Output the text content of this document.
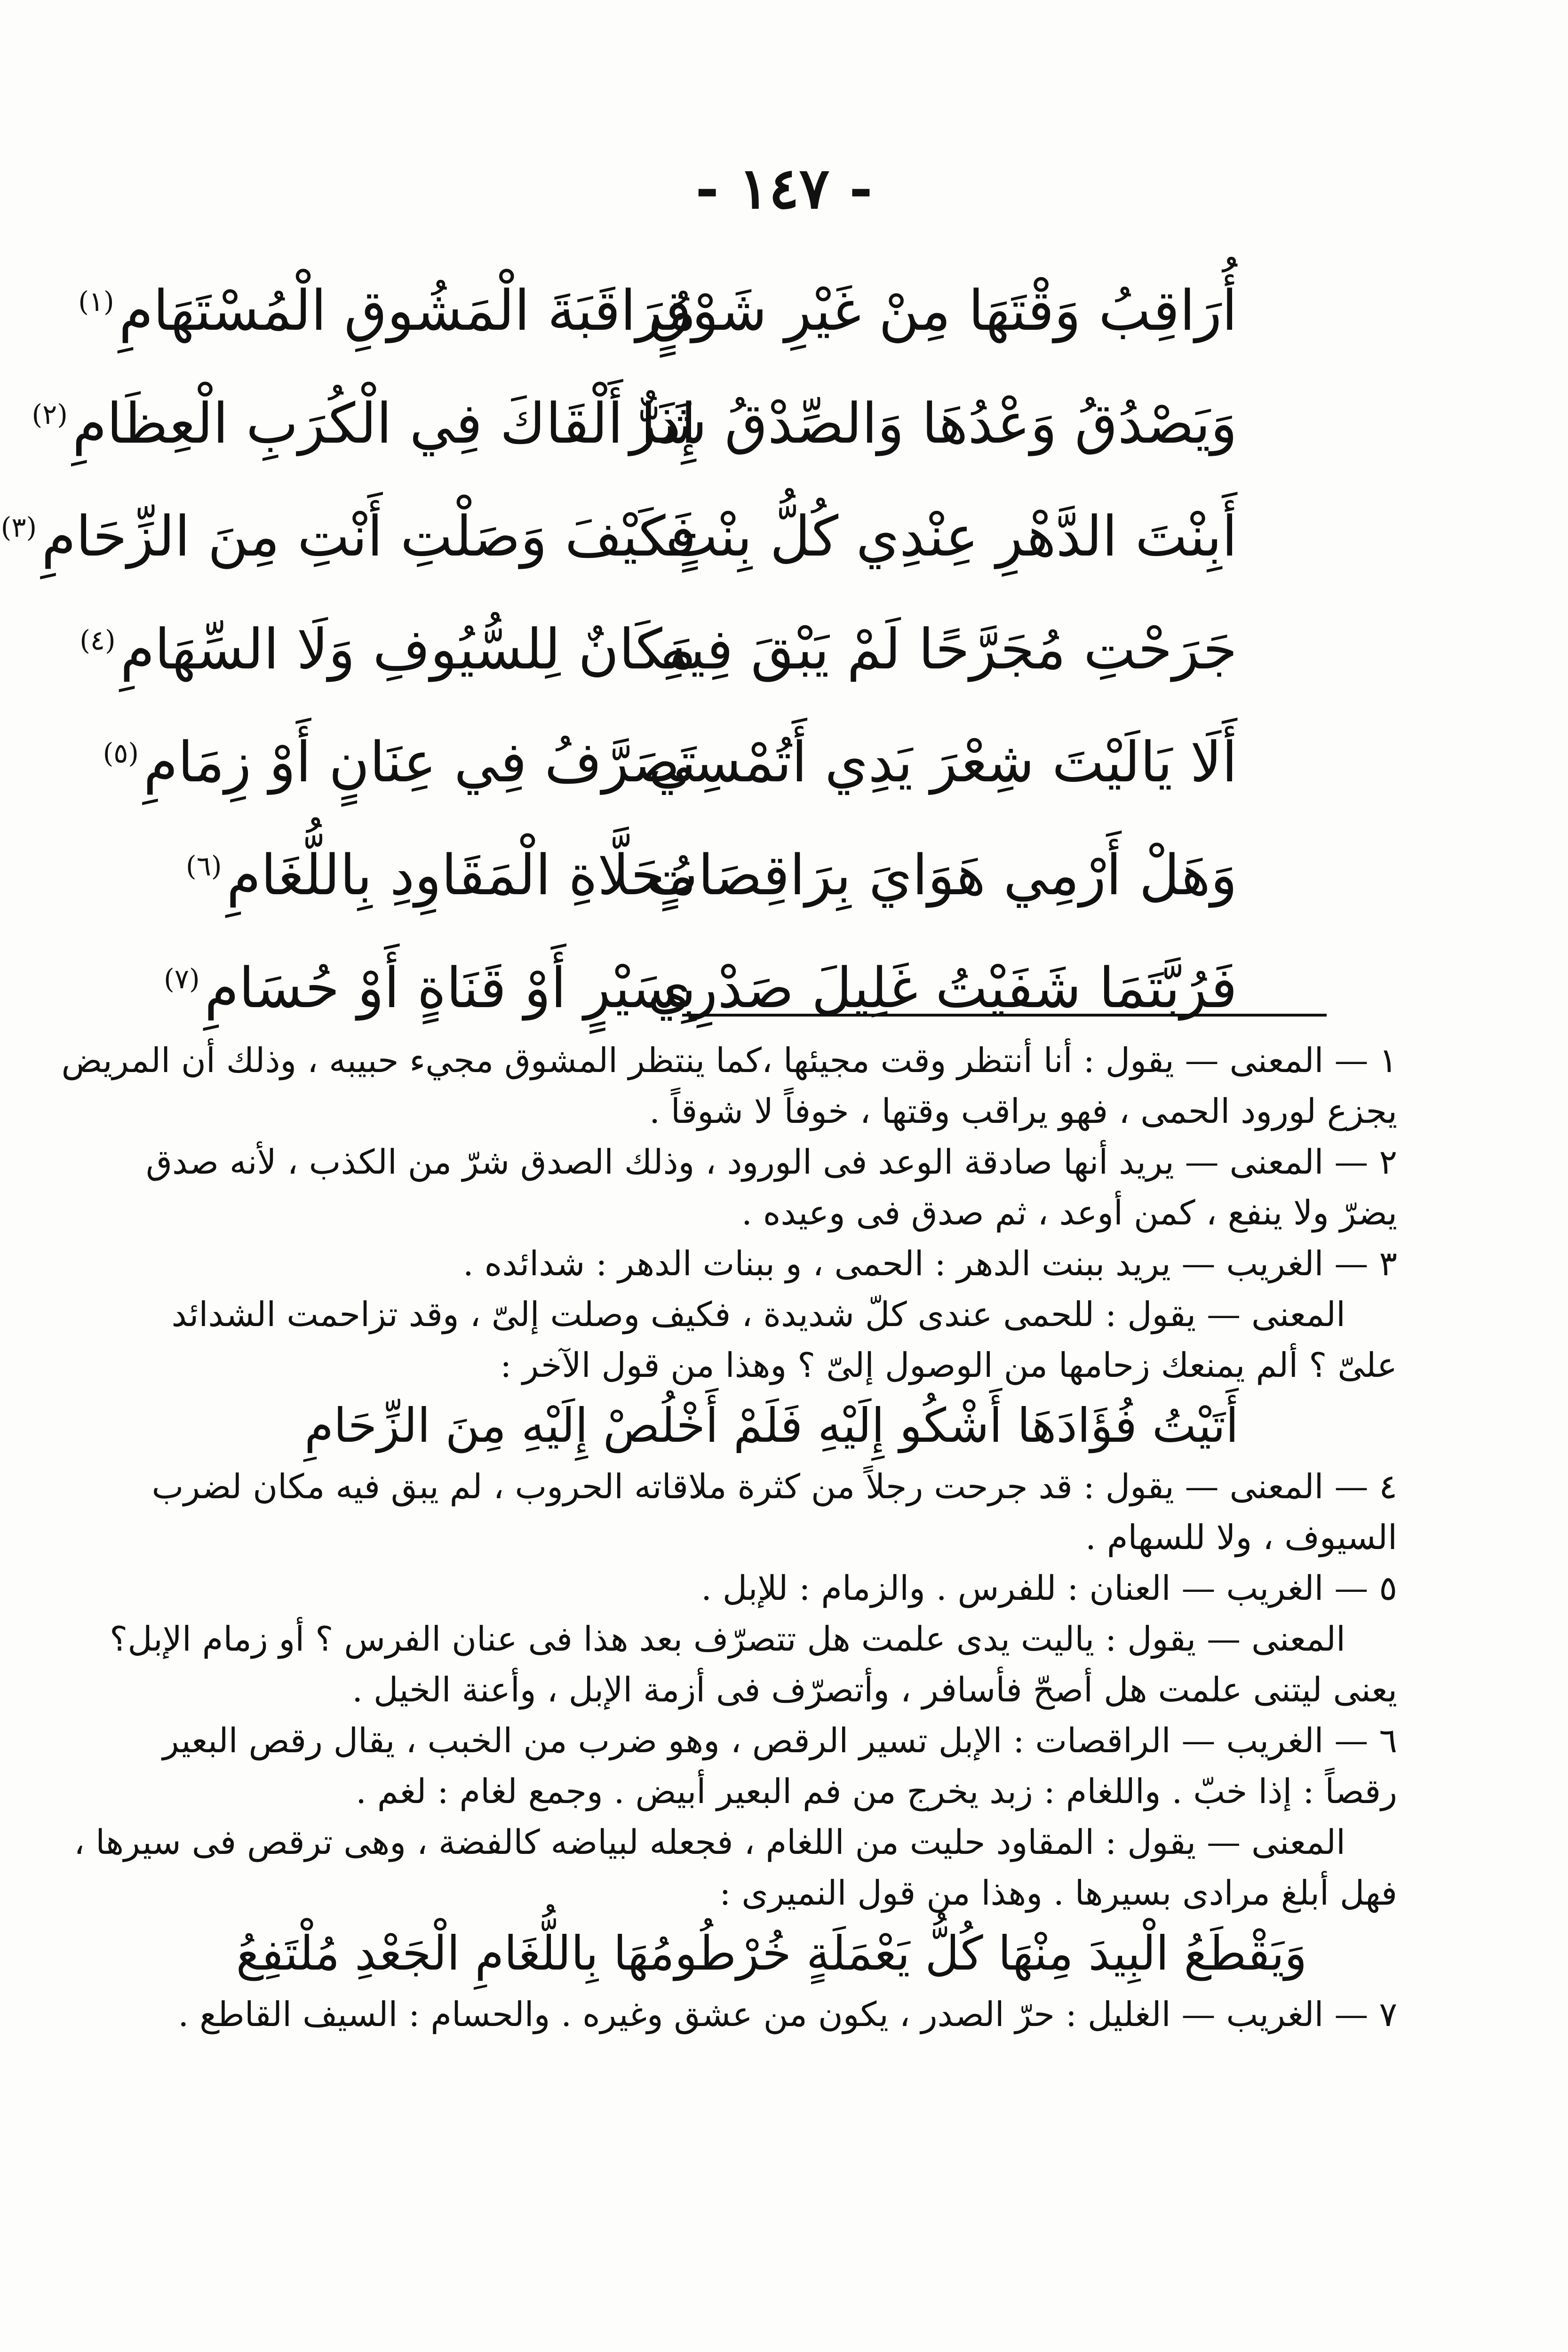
- ١٤٧ -
أُرَاقِبُ وَقْتَهَا مِنْ غَيْرِ شَوْقٍ
مُرَاقَبَةَ الْمَشُوقِ الْمُسْتَهَامِ$^{(١)}$
وَيَصْدُقُ وَعْدُهَا وَالصِّدْقُ شَرٌّ
إِذَا أَلْقَاكَ فِي الْكُرَبِ الْعِظَامِ$^{(٢)}$
أَبِنْتَ الدَّهْرِ عِنْدِي كُلُّ بِنْتٍ
فَكَيْفَ وَصَلْتِ أَنْتِ مِنَ الزِّحَامِ$^{(٣)}$
جَرَحْتِ مُجَرَّحًا لَمْ يَبْقَ فِيهِ
مَكَانٌ لِلسُّيُوفِ وَلَا السِّهَامِ$^{(٤)}$
أَلَا يَالَيْتَ شِعْرَ يَدِي أَتُمْسِي
تَصَرَّفُ فِي عِنَانٍ أَوْ زِمَامِ$^{(٥)}$
وَهَلْ أَرْمِي هَوَايَ بِرَاقِصَاتٍ
مُحَلَّاةِ الْمَقَاوِدِ بِاللُّغَامِ$^{(٦)}$
فَرُبَّتَمَا شَفَيْتُ غَلِيلَ صَدْرِي
بِسَيْرٍ أَوْ قَنَاةٍ أَوْ حُسَامِ$^{(٧)}$
١ — المعنى — يقول : أنا أنتظر وقت مجيئها ،كما ينتظر المشوق مجيء حبيبه ، وذلك أن المريض
يجزع لورود الحمى ، فهو يراقب وقتها ، خوفاً لا شوقاً .
٢ — المعنى — يريد أنها صادقة الوعد فى الورود ، وذلك الصدق شرّ من الكذب ، لأنه صدق
يضرّ ولا ينفع ، كمن أوعد ، ثم صدق فى وعيده .
٣ — الغريب — يريد ببنت الدهر : الحمى ، و ببنات الدهر : شدائده .
المعنى — يقول : للحمى عندى كلّ شديدة ، فكيف وصلت إلىّ ، وقد تزاحمت الشدائد
علىّ ؟ ألم يمنعك زحامها من الوصول إلىّ ؟ وهذا من قول الآخر :
أَتَيْتُ فُؤَادَهَا أَشْكُو إِلَيْهِ فَلَمْ أَخْلُصْ إِلَيْهِ مِنَ الزِّحَامِ
٤ — المعنى — يقول : قد جرحت رجلاً من كثرة ملاقاته الحروب ، لم يبق فيه مكان لضرب
السيوف ، ولا للسهام .
٥ — الغريب — العنان : للفرس . والزمام : للإبل .
المعنى — يقول : ياليت يدى علمت هل تتصرّف بعد هذا فى عنان الفرس ؟ أو زمام الإبل؟
يعنى ليتنى علمت هل أصحّ فأسافر ، وأتصرّف فى أزمة الإبل ، وأعنة الخيل .
٦ — الغريب — الراقصات : الإبل تسير الرقص ، وهو ضرب من الخبب ، يقال رقص البعير
رقصاً : إذا خبّ . واللغام : زبد يخرج من فم البعير أبيض . وجمع لغام : لغم .
المعنى — يقول : المقاود حليت من اللغام ، فجعله لبياضه كالفضة ، وهى ترقص فى سيرها ،
فهل أبلغ مرادى بسيرها . وهذا من قول النميرى :
وَيَقْطَعُ الْبِيدَ مِنْهَا كُلُّ يَعْمَلَةٍ خُرْطُومُهَا بِاللُّغَامِ الْجَعْدِ مُلْتَفِعُ
٧ — الغريب — الغليل : حرّ الصدر ، يكون من عشق وغيره . والحسام : السيف القاطع .
